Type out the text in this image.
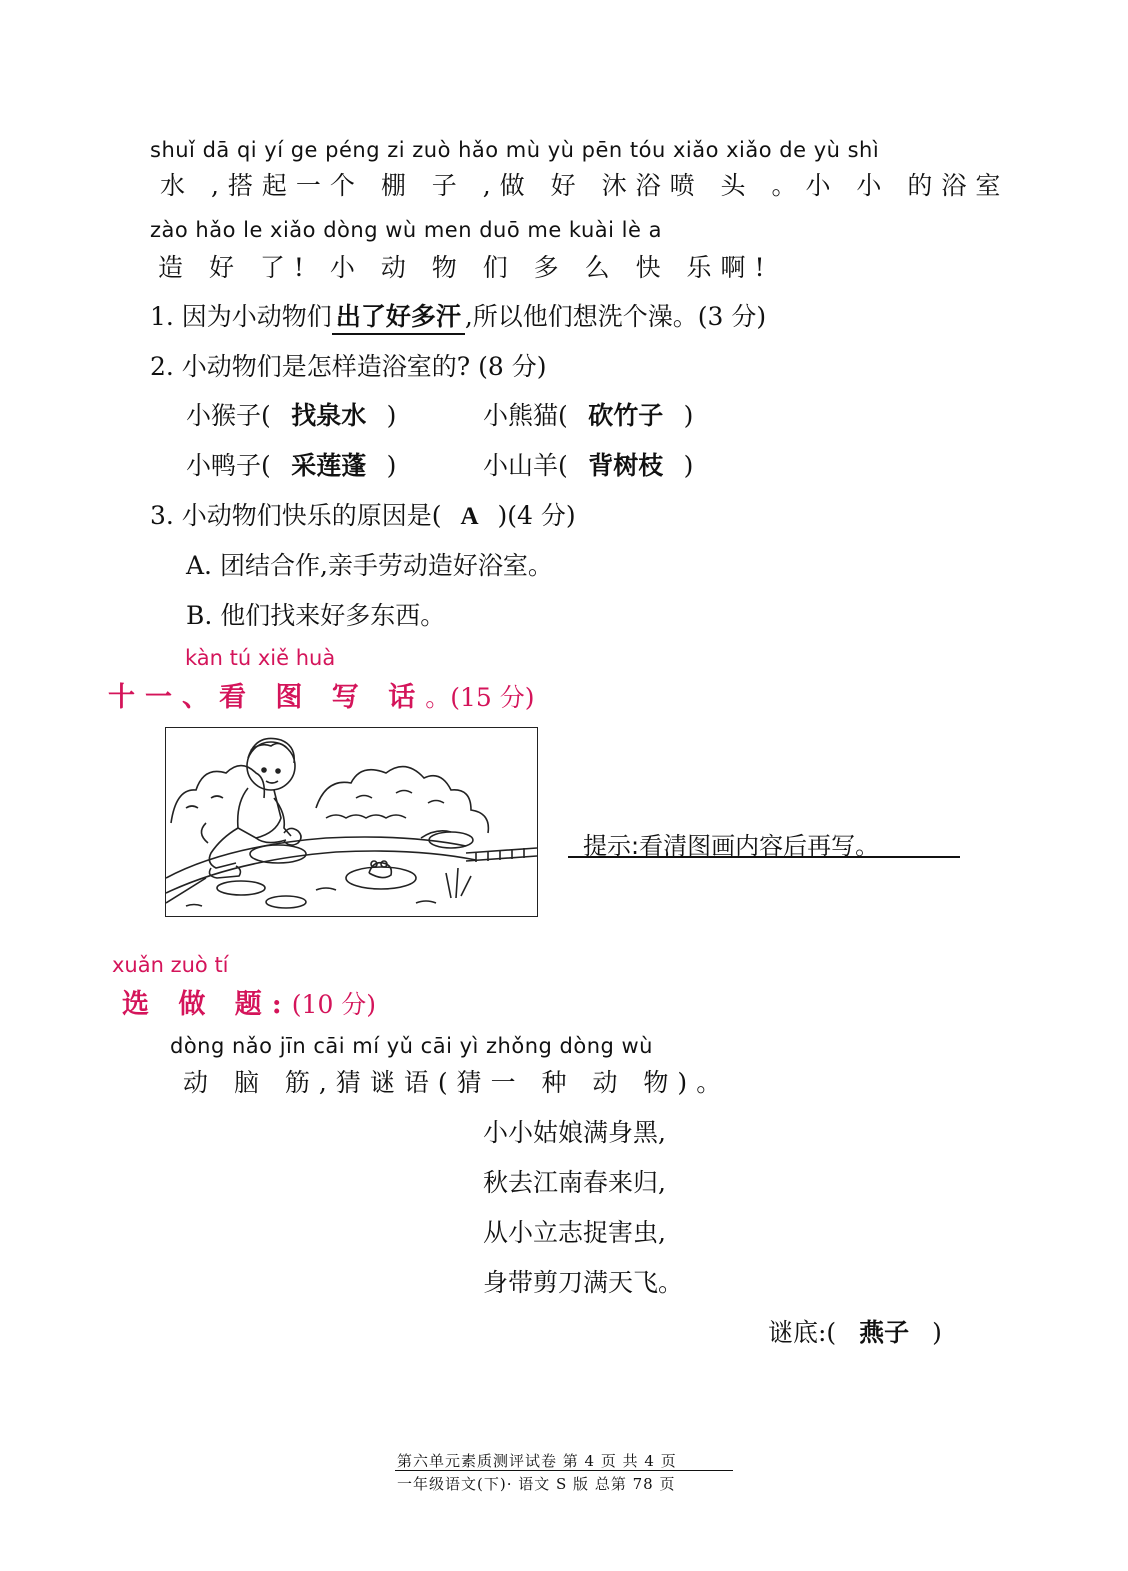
shuǐ dā qi yí ge péng zi zuò hǎo mù yù pēn tóu xiǎo xiǎo de yù shì
水 ,搭起一个 棚 子 ,做 好 沐浴喷 头 。小 小 的浴室
zào hǎo le xiǎo dòng wù men duō me kuài lè a
造 好 了! 小 动 物 们 多 么 快 乐啊!
1. 因为小动物们 出了好多汗 ,所以他们想洗个澡。(3 分)
2. 小动物们是怎样造浴室的? (8 分)
小猴子( 找泉水 )	小熊猫( 砍竹子 )
小鸭子( 采莲蓬 )	小山羊( 背树枝 )
3. 小动物们快乐的原因是( A )(4 分)
A. 团结合作,亲手劳动造好浴室。
B. 他们找来好多东西。
kàn tú xiě huà
十一、看 图 写 话。(15 分)
提示:看清图画内容后再写。
xuǎn zuò tí
选 做 题:(10 分)
dòng nǎo jīn cāi mí yǔ cāi yì zhǒng dòng wù
动 脑 筋,猜谜语(猜一 种 动 物)。
小小姑娘满身黑,
秋去江南春来归,
从小立志捉害虫,
身带剪刀满天飞。
谜底:( 燕子 )
第六单元素质测评试卷 第 4 页 共 4 页
一年级语文(下)· 语文 S 版 总第 78 页
